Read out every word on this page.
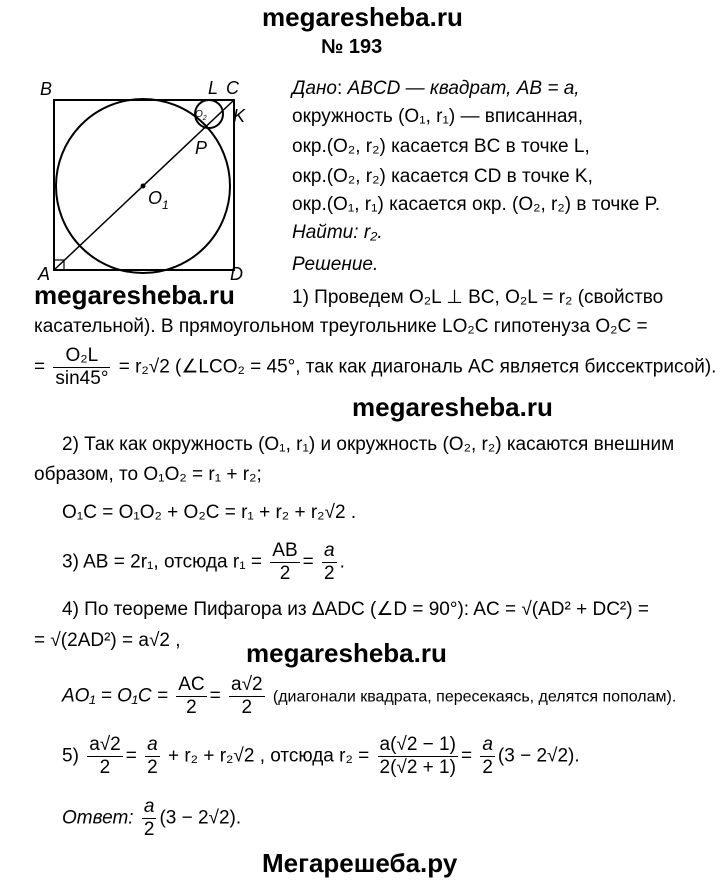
megaresheba.ru
№ 193
B	L C
K
$O_2$
P
$O_1$
A	D
Дано: ABCD — квадрат, AB = a,
окружность (O₁, r₁) — вписанная,
окр.(O₂, r₂) касается BC в точке L,
окр.(O₂, r₂) касается CD в точке K,
окр.(O₁, r₁) касается окр. (O₂, r₂) в точке P.
Найти: r₂.
Решение.
megaresheba.ru	1) Проведем O₂L ⊥ BC, O₂L = r₂ (свойство
касательной). В прямоугольном треугольнике LO₂C гипотенуза O₂C =
= $\frac{\text{O₂L}}{\sin 45^\circ} = r_2√2$ (∠LCO₂ = 45°, так как диагональ AC является биссектрисой).
megaresheba.ru
2) Так как окружность (O₁, r₁) и окружность (O₂, r₂) касаются внешним
образом, то O₁O₂ = r₁ + r₂;
O₁C = O₁O₂ + O₂C = r₁ + r₂ + r₂√2 .
3) AB = 2r₁, отсюда $r_1 = \frac{AB}{2} = \frac{a}{2}$ .
4) По теореме Пифагора из ΔADC (∠D = 90°): AC = √(AD² + DC²) =
= √(2AD²) = a√2 ,	megaresheba.ru
$AO_1 = O_1C = \frac{AC}{2} = \frac{a√2}{2}$ (диагонали квадрата, пересекаясь, делятся пополам).
$5) \frac{a√2}{2} = \frac{a}{2} + r_2 + r_2√2$ , отсюда $r_2 = \frac{a(√2 - 1)}{2(√2 + 1)} = \frac{a}{2} (3 - 2√2)$.
Ответ: $\frac{a}{2} (3 - 2√2)$.
Мегарешеба.ру
